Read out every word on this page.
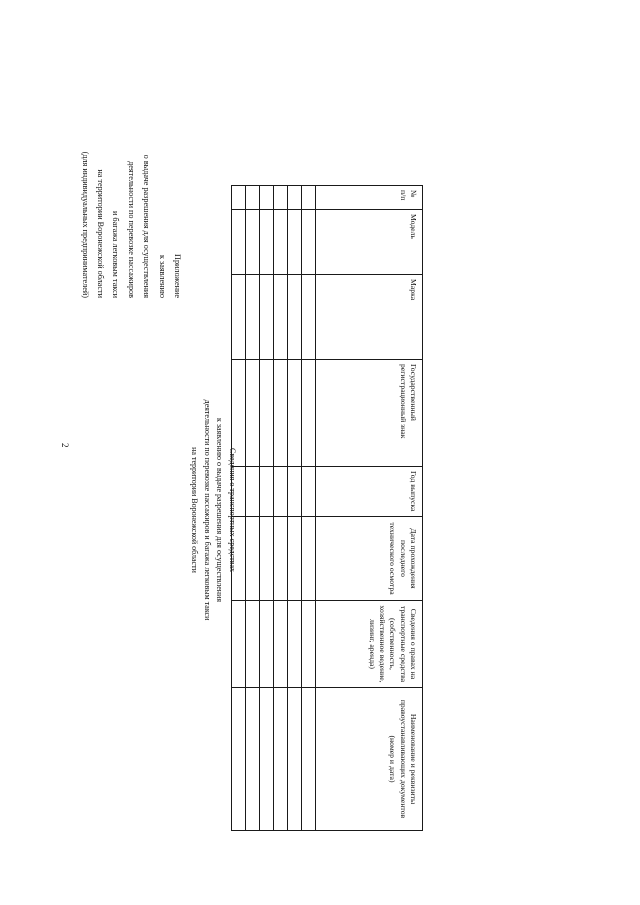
2
Приложение
к заявлению
о выдаче разрешения для осуществления
деятельности по перевозке пассажиров
и багажа легковым такси
на территории Воронежской области
(для индивидуальных предпринимателей)
Сведения о транспортных средствах
к заявлению о выдаче разрешения для осуществления
деятельности по перевозке пассажиров и багажа легковым такси
на территории Воронежской области
№ п/п	Модель	Марка	Государственный регистрационный знак	Год выпуска	Дата прохождения последнего технического осмотра	Сведения о правах на транспортные средства (собственность, хозяйственное ведение, лизинг, аренда)	Наименование и реквизиты правоустанавливающих документов (номер и дата)
